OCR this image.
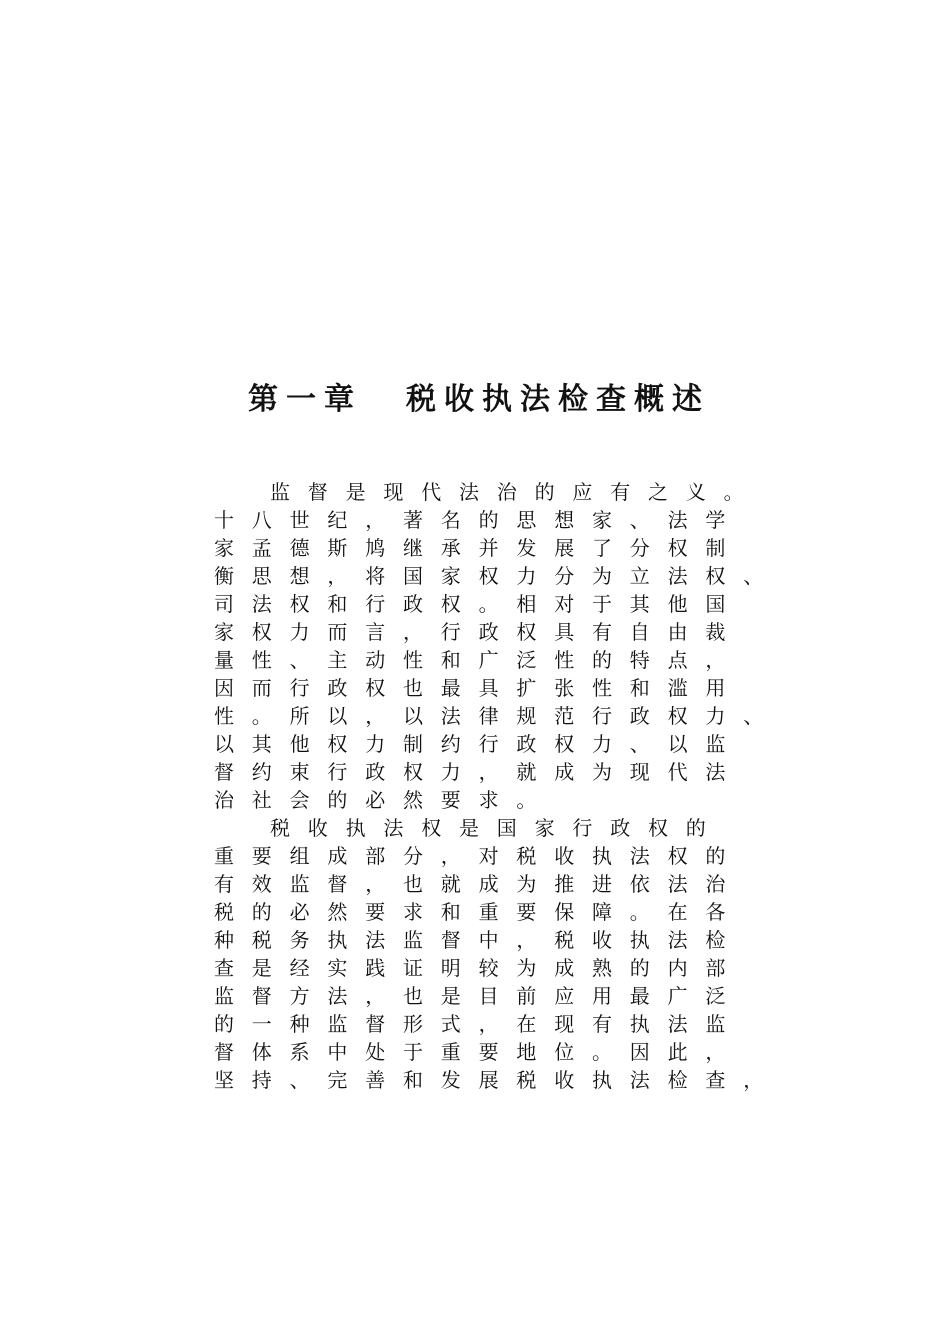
第一章 税收执法检查概述
监 督 是 现 代 法 治 的 应 有 之 义 。
十 八 世 纪 ， 著 名 的 思 想 家 、 法 学
家 孟 德 斯 鸠 继 承 并 发 展 了 分 权 制
衡 思 想 ， 将 国 家 权 力 分 为 立 法 权 、
司 法 权 和 行 政 权 。 相 对 于 其 他 国
家 权 力 而 言 ， 行 政 权 具 有 自 由 裁
量 性 、 主 动 性 和 广 泛 性 的 特 点 ，
因 而 行 政 权 也 最 具 扩 张 性 和 滥 用
性 。 所 以 ， 以 法 律 规 范 行 政 权 力 、
以 其 他 权 力 制 约 行 政 权 力 、 以 监
督 约 束 行 政 权 力 ， 就 成 为 现 代 法
治 社 会 的 必 然 要 求 。
税 收 执 法 权 是 国 家 行 政 权 的
重 要 组 成 部 分 ， 对 税 收 执 法 权 的
有 效 监 督 ， 也 就 成 为 推 进 依 法 治
税 的 必 然 要 求 和 重 要 保 障 。 在 各
种 税 务 执 法 监 督 中 ， 税 收 执 法 检
查 是 经 实 践 证 明 较 为 成 熟 的 内 部
监 督 方 法 ， 也 是 目 前 应 用 最 广 泛
的 一 种 监 督 形 式 ， 在 现 有 执 法 监
督 体 系 中 处 于 重 要 地 位 。 因 此 ，
坚 持 、 完 善 和 发 展 税 收 执 法 检 查 ，
